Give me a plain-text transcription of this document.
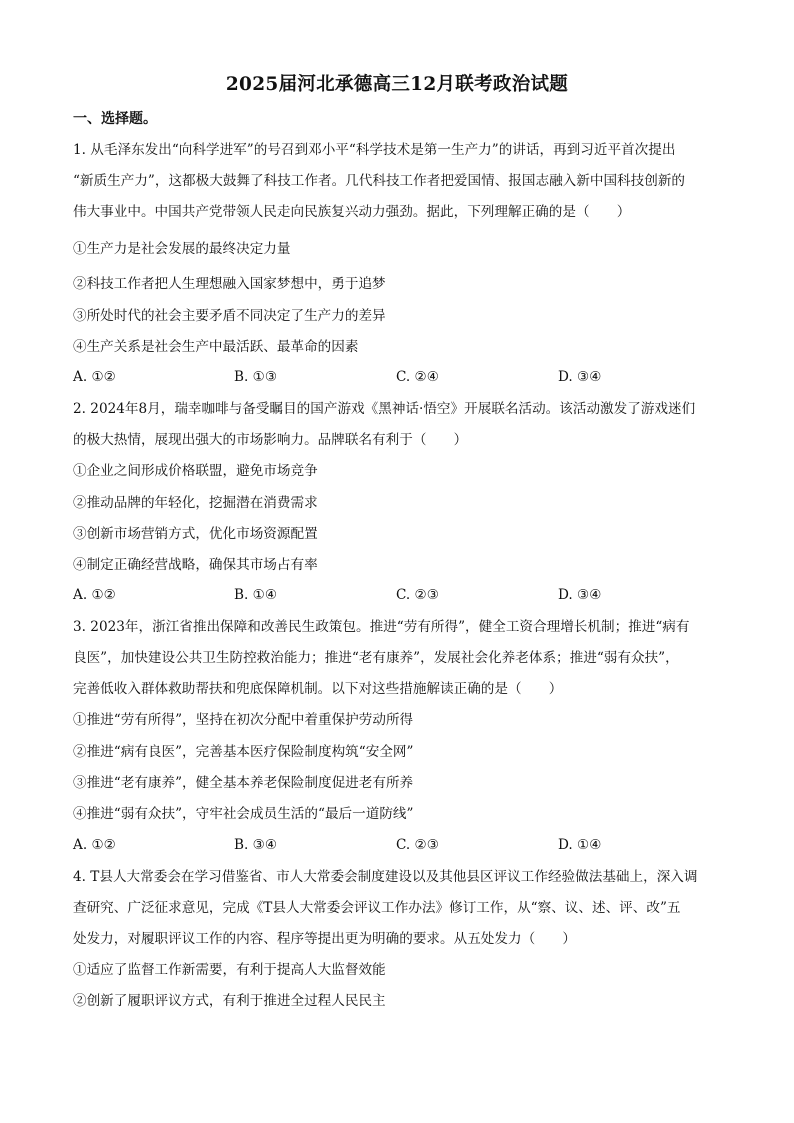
2025届河北承德高三12月联考政治试题
一、选择题。
1. 从毛泽东发出“向科学进军”的号召到邓小平“科学技术是第一生产力”的讲话，再到习近平首次提出
“新质生产力”，这都极大鼓舞了科技工作者。几代科技工作者把爱国情、报国志融入新中国科技创新的
伟大事业中。中国共产党带领人民走向民族复兴动力强劲。据此，下列理解正确的是（　　）
①生产力是社会发展的最终决定力量
②科技工作者把人生理想融入国家梦想中，勇于追梦
③所处时代的社会主要矛盾不同决定了生产力的差异
④生产关系是社会生产中最活跃、最革命的因素
A. ①②	B. ①③	C. ②④	D. ③④
2. 2024年8月，瑞幸咖啡与备受瞩目的国产游戏《黑神话·悟空》开展联名活动。该活动激发了游戏迷们
的极大热情，展现出强大的市场影响力。品牌联名有利于（　　）
①企业之间形成价格联盟，避免市场竞争
②推动品牌的年轻化，挖掘潜在消费需求
③创新市场营销方式，优化市场资源配置
④制定正确经营战略，确保其市场占有率
A. ①②	B. ①④	C. ②③	D. ③④
3. 2023年，浙江省推出保障和改善民生政策包。推进“劳有所得”，健全工资合理增长机制；推进“病有
良医”，加快建设公共卫生防控救治能力；推进“老有康养”，发展社会化养老体系；推进“弱有众扶”，
完善低收入群体救助帮扶和兜底保障机制。以下对这些措施解读正确的是（　　）
①推进“劳有所得”，坚持在初次分配中着重保护劳动所得
②推进“病有良医”，完善基本医疗保险制度构筑“安全网”
③推进“老有康养”，健全基本养老保险制度促进老有所养
④推进“弱有众扶”，守牢社会成员生活的“最后一道防线”
A. ①②	B. ③④	C. ②③	D. ①④
4. T县人大常委会在学习借鉴省、市人大常委会制度建设以及其他县区评议工作经验做法基础上，深入调
查研究、广泛征求意见，完成《T县人大常委会评议工作办法》修订工作，从“察、议、述、评、改”五
处发力，对履职评议工作的内容、程序等提出更为明确的要求。从五处发力（　　）
①适应了监督工作新需要，有利于提高人大监督效能
②创新了履职评议方式，有利于推进全过程人民民主
